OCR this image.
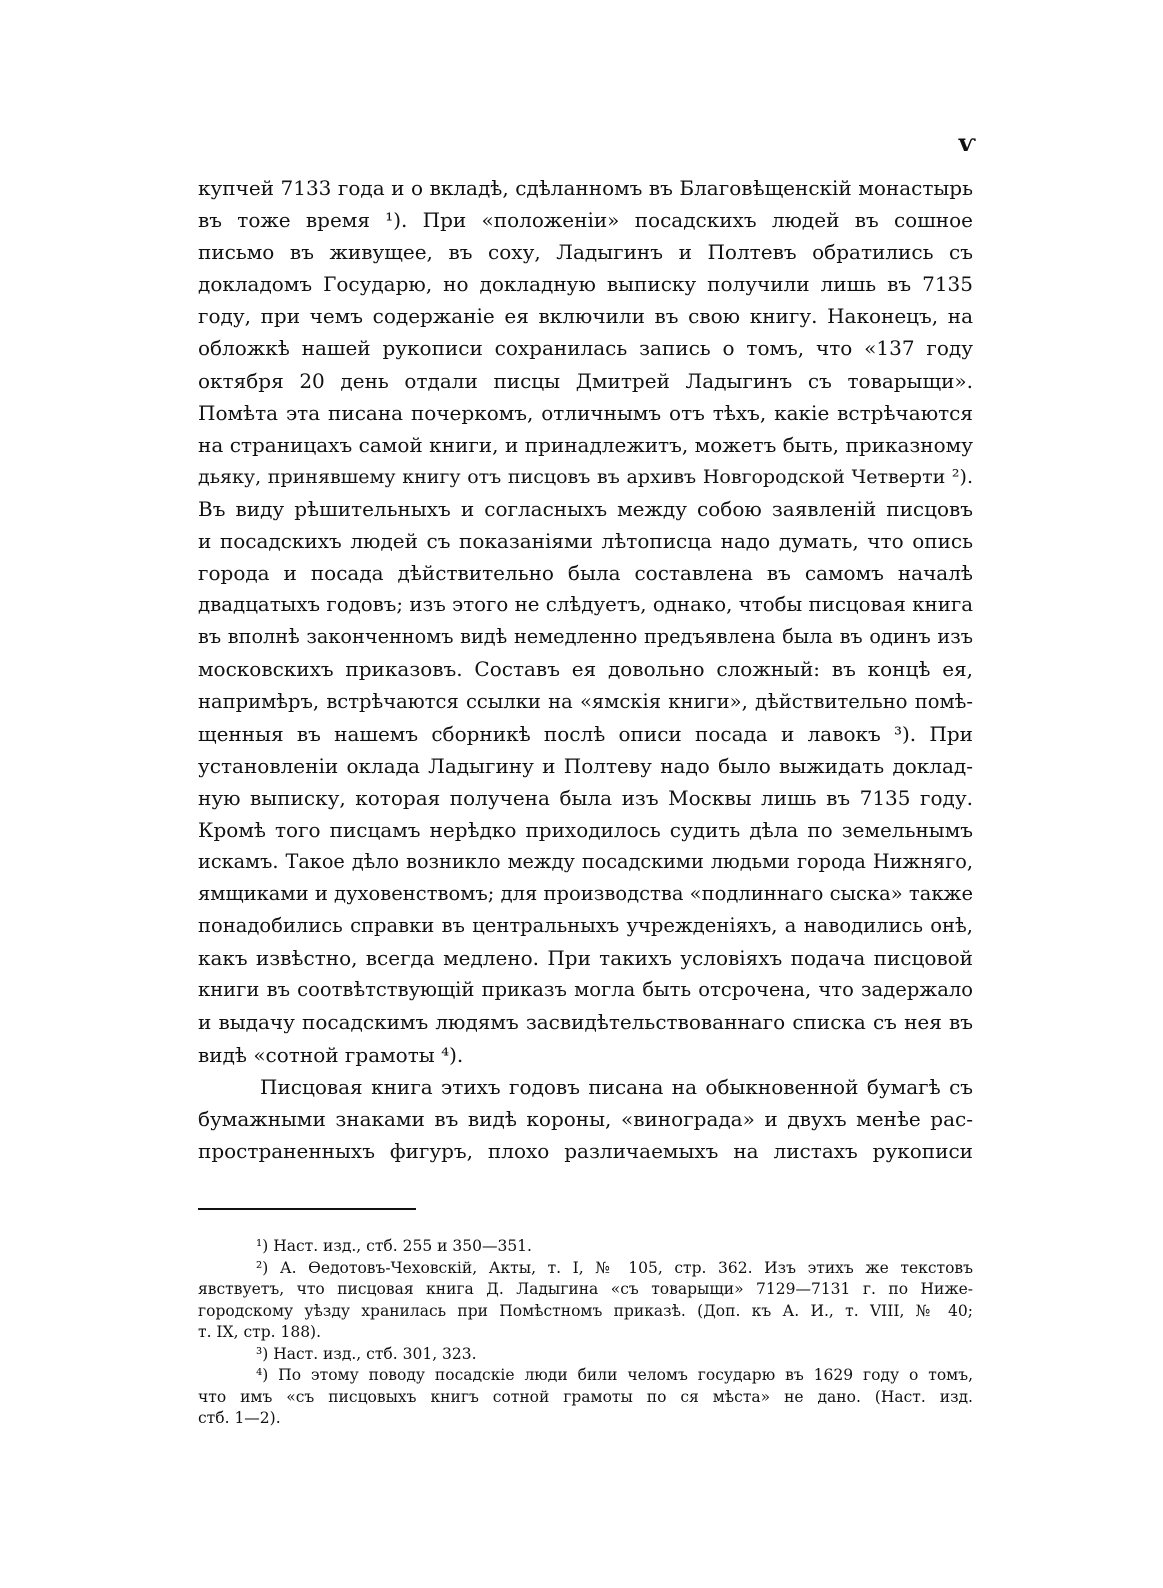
ѵ
купчей 7133 года и о вкладѣ, сдѣланномъ въ Благовѣщенскій монастырь
въ тоже время ¹). При «положеніи» посадскихъ людей въ сошное
письмо въ живущее, въ соху, Ладыгинъ и Полтевъ обратились съ
докладомъ Государю, но докладную выписку получили лишь въ 7135
году, при чемъ содержаніе ея включили въ свою книгу. Наконецъ, на
обложкѣ нашей рукописи сохранилась запись о томъ, что «137 году
октября 20 день отдали писцы Дмитрей Ладыгинъ съ товарыщи».
Помѣта эта писана почеркомъ, отличнымъ отъ тѣхъ, какіе встрѣчаются
на страницахъ самой книги, и принадлежитъ, можетъ быть, приказному
дьяку, принявшему книгу отъ писцовъ въ архивъ Новгородской Четверти ²).
Въ виду рѣшительныхъ и согласныхъ между собою заявленій писцовъ
и посадскихъ людей съ показаніями лѣтописца надо думать, что опись
города и посада дѣйствительно была составлена въ самомъ началѣ
двадцатыхъ годовъ; изъ этого не слѣдуетъ, однако, чтобы писцовая книга
въ вполнѣ законченномъ видѣ немедленно предъявлена была въ одинъ изъ
московскихъ приказовъ. Составъ ея довольно сложный: въ концѣ ея,
напримѣръ, встрѣчаются ссылки на «ямскія книги», дѣйствительно помѣ-
щенныя въ нашемъ сборникѣ послѣ описи посада и лавокъ ³). При
установленіи оклада Ладыгину и Полтеву надо было выжидать доклад-
ную выписку, которая получена была изъ Москвы лишь въ 7135 году.
Кромѣ того писцамъ нерѣдко приходилось судить дѣла по земельнымъ
искамъ. Такое дѣло возникло между посадскими людьми города Нижняго,
ямщиками и духовенствомъ; для производства «подлиннаго сыска» также
понадобились справки въ центральныхъ учрежденіяхъ, а наводились онѣ,
какъ извѣстно, всегда медлено. При такихъ условіяхъ подача писцовой
книги въ соотвѣтствующій приказъ могла быть отсрочена, что задержало
и выдачу посадскимъ людямъ засвидѣтельствованнаго списка съ нея въ
видѣ «сотной грамоты ⁴).
Писцовая книга этихъ годовъ писана на обыкновенной бумагѣ съ
бумажными знаками въ видѣ короны, «винограда» и двухъ менѣе рас-
пространенныхъ фигуръ, плохо различаемыхъ на листахъ рукописи
¹) Наст. изд., стб. 255 и 350—351.
²) А. Өедотовъ-Чеховскій, Акты, т. I, № 105, стр. 362. Изъ этихъ же текстовъ
явствуетъ, что писцовая книга Д. Ладыгина «съ товарыщи» 7129—7131 г. по Ниже-
городскому уѣзду хранилась при Помѣстномъ приказѣ. (Доп. къ А. И., т. VIII, № 40;
т. IX, стр. 188).
³) Наст. изд., стб. 301, 323.
⁴) По этому поводу посадскіе люди били челомъ государю въ 1629 году о томъ,
что имъ «съ писцовыхъ книгъ сотной грамоты по ся мѣста» не дано. (Наст. изд.
стб. 1—2).
